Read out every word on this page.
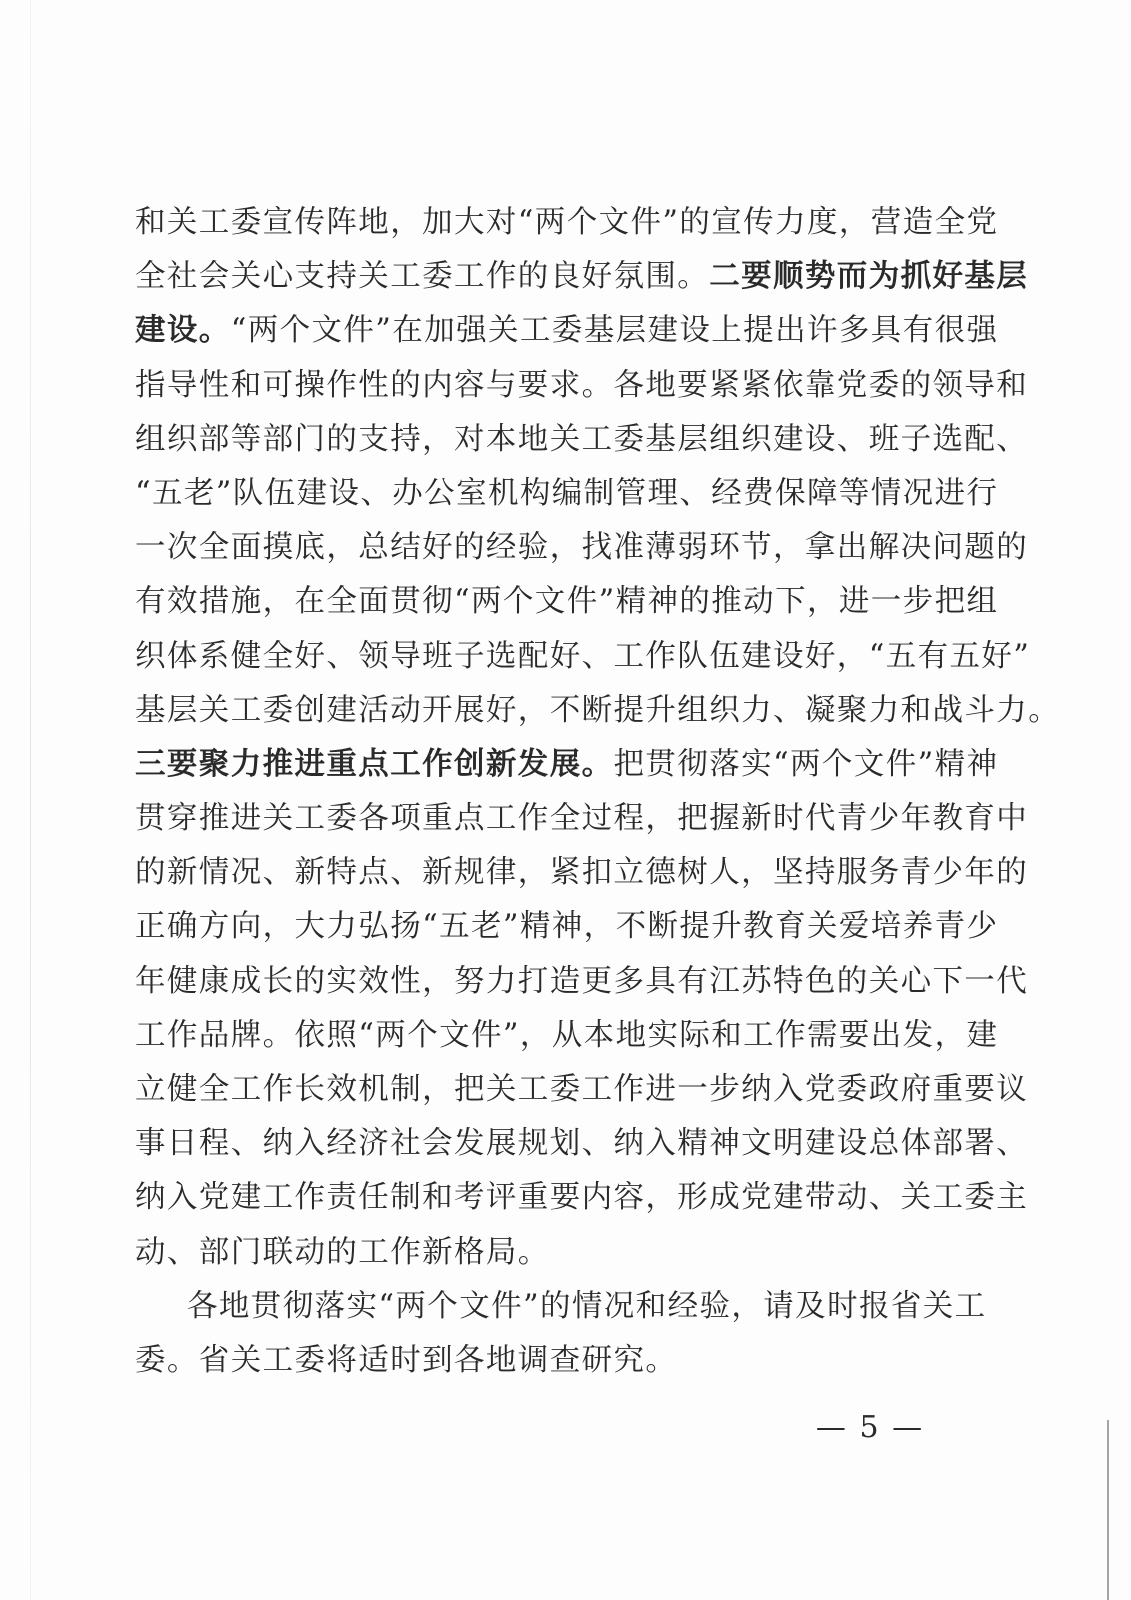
和关工委宣传阵地，加大对“两个文件”的宣传力度，营造全党
全社会关心支持关工委工作的良好氛围。二要顺势而为抓好基层
建设。“两个文件”在加强关工委基层建设上提出许多具有很强
指导性和可操作性的内容与要求。各地要紧紧依靠党委的领导和
组织部等部门的支持，对本地关工委基层组织建设、班子选配、
“五老”队伍建设、办公室机构编制管理、经费保障等情况进行
一次全面摸底，总结好的经验，找准薄弱环节，拿出解决问题的
有效措施，在全面贯彻“两个文件”精神的推动下，进一步把组
织体系健全好、领导班子选配好、工作队伍建设好，“五有五好”
基层关工委创建活动开展好，不断提升组织力、凝聚力和战斗力。
三要聚力推进重点工作创新发展。把贯彻落实“两个文件”精神
贯穿推进关工委各项重点工作全过程，把握新时代青少年教育中
的新情况、新特点、新规律，紧扣立德树人，坚持服务青少年的
正确方向，大力弘扬“五老”精神，不断提升教育关爱培养青少
年健康成长的实效性，努力打造更多具有江苏特色的关心下一代
工作品牌。依照“两个文件”，从本地实际和工作需要出发，建
立健全工作长效机制，把关工委工作进一步纳入党委政府重要议
事日程、纳入经济社会发展规划、纳入精神文明建设总体部署、
纳入党建工作责任制和考评重要内容，形成党建带动、关工委主
动、部门联动的工作新格局。
各地贯彻落实“两个文件”的情况和经验，请及时报省关工
委。省关工委将适时到各地调查研究。
— 5 —
